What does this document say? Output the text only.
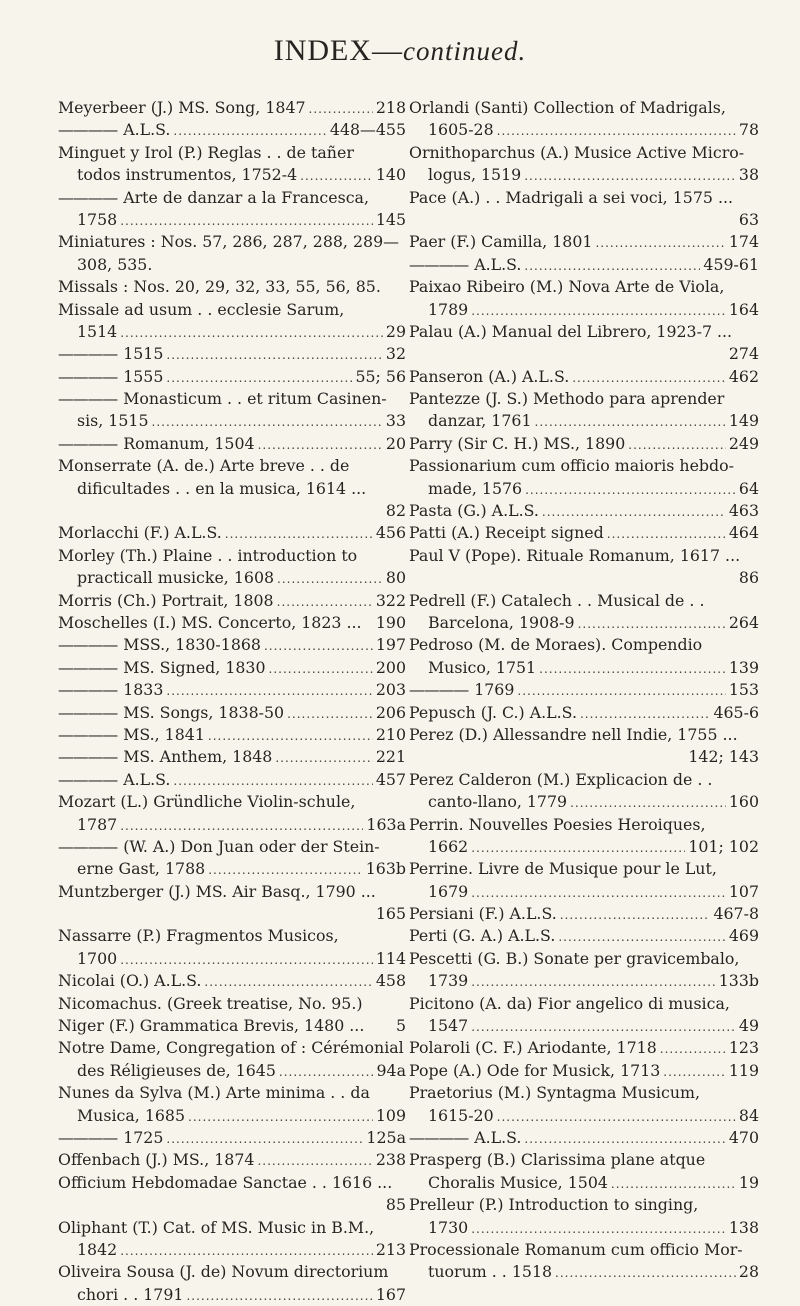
INDEX—continued.
Meyerbeer (J.) MS. Song, 1847 .....	218
———— A.L.S. .....	448—455
Minguet y Irol (P.) Reglas . . de tañer
todos instrumentos, 1752-4 .....	140
———— Arte de danzar a la Francesca,
1758 .....	145
Miniatures : Nos. 57, 286, 287, 288, 289—
308, 535.
Missals : Nos. 20, 29, 32, 33, 55, 56, 85.
Missale ad usum . . ecclesie Sarum,
1514 .....	29
———— 1515 .....	32
———— 1555 .....	55; 56
———— Monasticum . . et ritum Casinen-
sis, 1515 .....	33
———— Romanum, 1504 .....	20
Monserrate (A. de.) Arte breve . . de
dificultades . . en la musica, 1614 ...
82
Morlacchi (F.) A.L.S. .....	456
Morley (Th.) Plaine . . introduction to
practicall musicke, 1608 .....	80
Morris (Ch.) Portrait, 1808 .....	322
Moschelles (I.) MS. Concerto, 1823 ... 190
———— MSS., 1830-1868 .....	197
———— MS. Signed, 1830 .....	200
———— 1833 .....	203
———— MS. Songs, 1838-50 .....	206
———— MS., 1841 .....	210
———— MS. Anthem, 1848 .....	221
———— A.L.S. .....	457
Mozart (L.) Gründliche Violin-schule,
1787 .....	163a
———— (W. A.) Don Juan oder der Stein-
erne Gast, 1788 .....	163b
Muntzberger (J.) MS. Air Basq., 1790 ...
165
Nassarre (P.) Fragmentos Musicos,
1700 .....	114
Nicolai (O.) A.L.S. .....	458
Nicomachus. (Greek treatise, No. 95.)
Niger (F.) Grammatica Brevis, 1480 ... 5
Notre Dame, Congregation of : Cérémonial
des Réligieuses de, 1645 .....	94a
Nunes da Sylva (M.) Arte minima . . da
Musica, 1685 .....	109
———— 1725 .....	125a
Offenbach (J.) MS., 1874 .....	238
Officium Hebdomadae Sanctae . . 1616 ...
85
Oliphant (T.) Cat. of MS. Music in B.M.,
1842 .....	213
Oliveira Sousa (J. de) Novum directorium
chori . . 1791 .....	167
Orlandi (Santi) Collection of Madrigals,
1605-28 .....	78
Ornithoparchus (A.) Musice Active Micro-
logus, 1519 .....	38
Pace (A.) . . Madrigali a sei voci, 1575 ...
63
Paer (F.) Camilla, 1801 .....	174
———— A.L.S. .....	459-61
Paixao Ribeiro (M.) Nova Arte de Viola,
1789 .....	164
Palau (A.) Manual del Librero, 1923-7 ...
274
Panseron (A.) A.L.S. .....	462
Pantezze (J. S.) Methodo para aprender
danzar, 1761 .....	149
Parry (Sir C. H.) MS., 1890 .....	249
Passionarium cum officio maioris hebdo-
made, 1576 .....	64
Pasta (G.) A.L.S. .....	463
Patti (A.) Receipt signed .....	464
Paul V (Pope). Rituale Romanum, 1617 ...
86
Pedrell (F.) Catalech . . Musical de . .
Barcelona, 1908-9 .....	264
Pedroso (M. de Moraes). Compendio
Musico, 1751 .....	139
———— 1769 .....	153
Pepusch (J. C.) A.L.S. .....	465-6
Perez (D.) Allessandre nell Indie, 1755 ...
142; 143
Perez Calderon (M.) Explicacion de . .
canto-llano, 1779 .....	160
Perrin. Nouvelles Poesies Heroiques,
1662 .....	101; 102
Perrine. Livre de Musique pour le Lut,
1679 .....	107
Persiani (F.) A.L.S. .....	467-8
Perti (G. A.) A.L.S. .....	469
Pescetti (G. B.) Sonate per gravicembalo,
1739 .....	133b
Picitono (A. da) Fior angelico di musica,
1547 .....	49
Polaroli (C. F.) Ariodante, 1718 .....	123
Pope (A.) Ode for Musick, 1713 .....	119
Praetorius (M.) Syntagma Musicum,
1615-20 .....	84
———— A.L.S. .....	470
Prasperg (B.) Clarissima plane atque
Choralis Musice, 1504 .....	19
Prelleur (P.) Introduction to singing,
1730 .....	138
Processionale Romanum cum officio Mor-
tuorum . . 1518 .....	28
